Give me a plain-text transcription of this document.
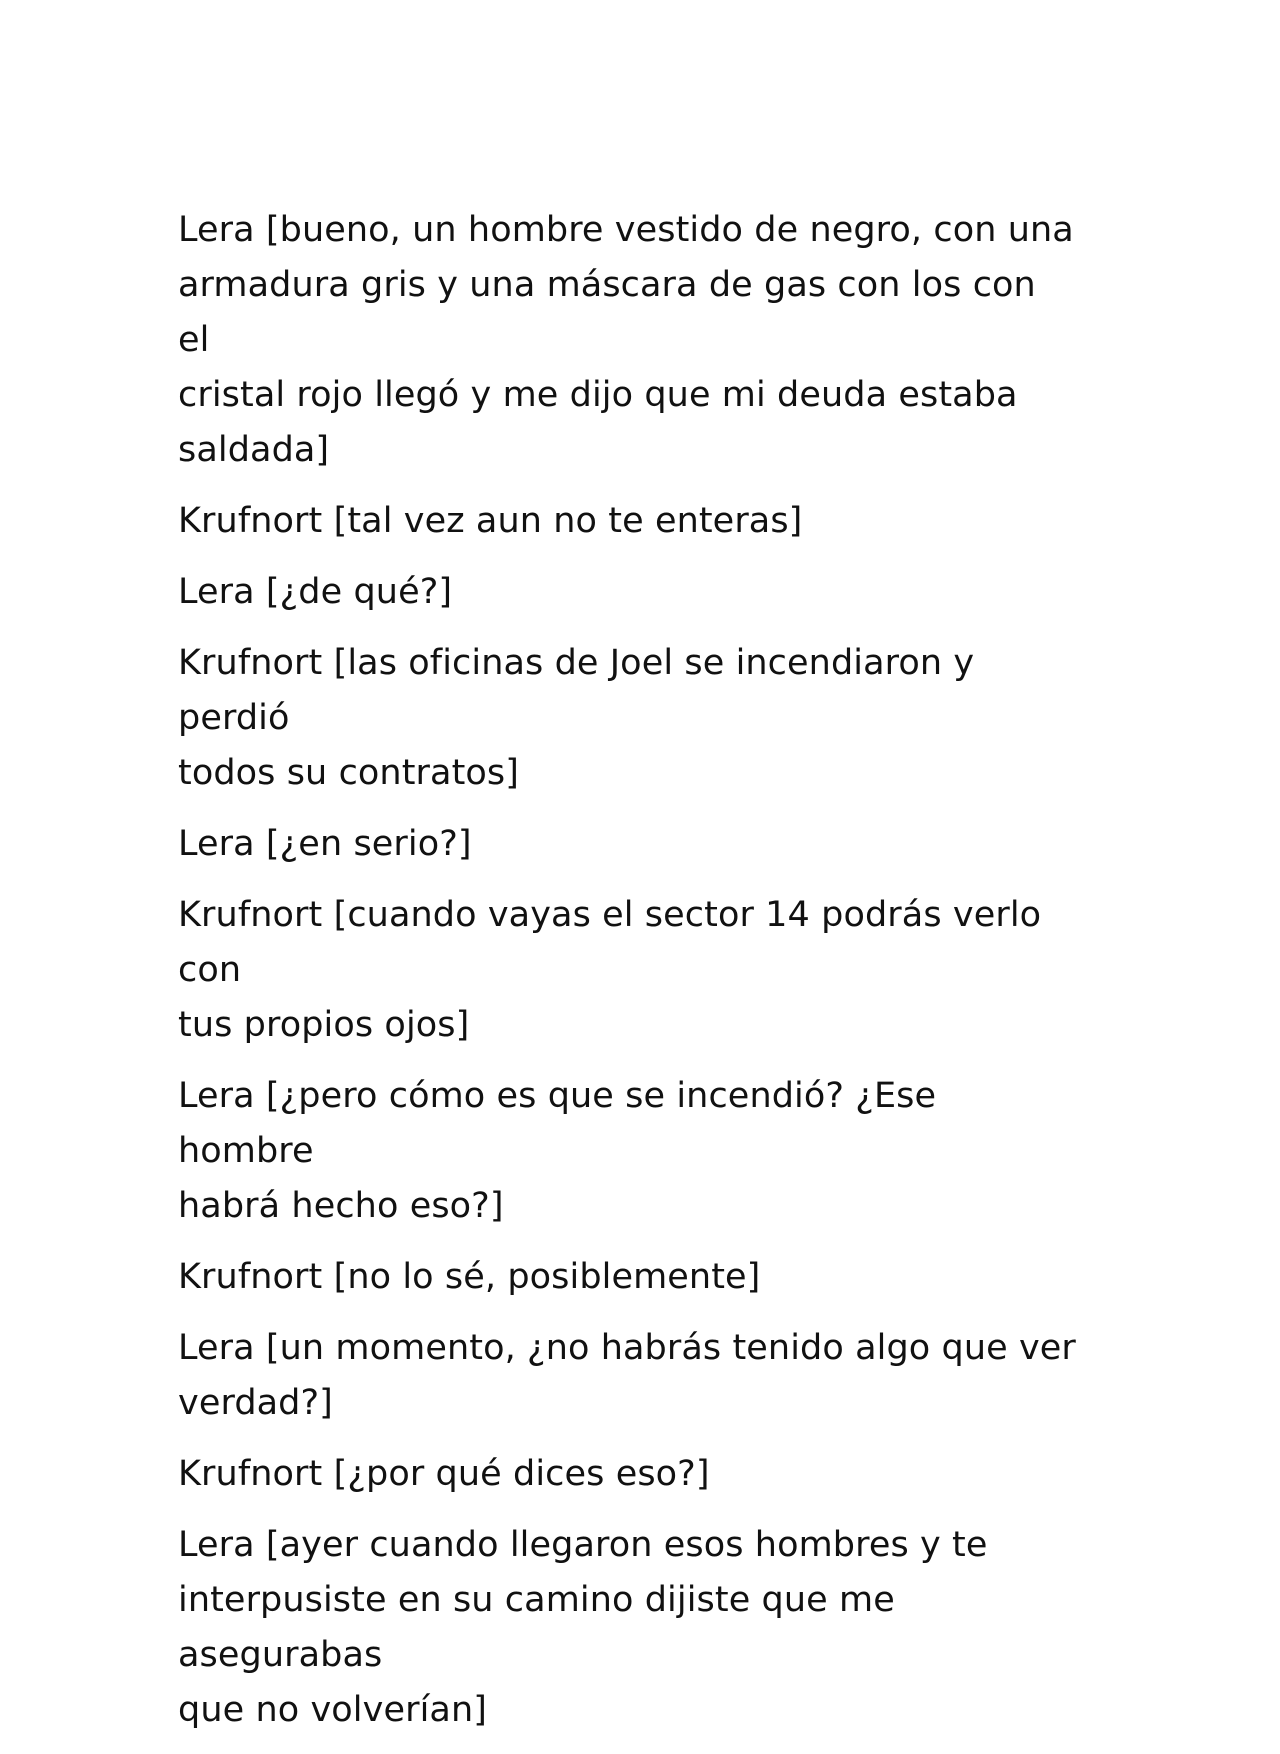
Lera [bueno, un hombre vestido de negro, con una
armadura gris y una máscara de gas con los con el
cristal rojo llegó y me dijo que mi deuda estaba
saldada]

Krufnort [tal vez aun no te enteras]

Lera [¿de qué?]

Krufnort [las oficinas de Joel se incendiaron y perdió
todos su contratos]

Lera [¿en serio?]

Krufnort [cuando vayas el sector 14 podrás verlo con
tus propios ojos]

Lera [¿pero cómo es que se incendió? ¿Ese hombre
habrá hecho eso?]

Krufnort [no lo sé, posiblemente]

Lera [un momento, ¿no habrás tenido algo que ver
verdad?]

Krufnort [¿por qué dices eso?]

Lera [ayer cuando llegaron esos hombres y te
interpusiste en su camino dijiste que me asegurabas
que no volverían]
